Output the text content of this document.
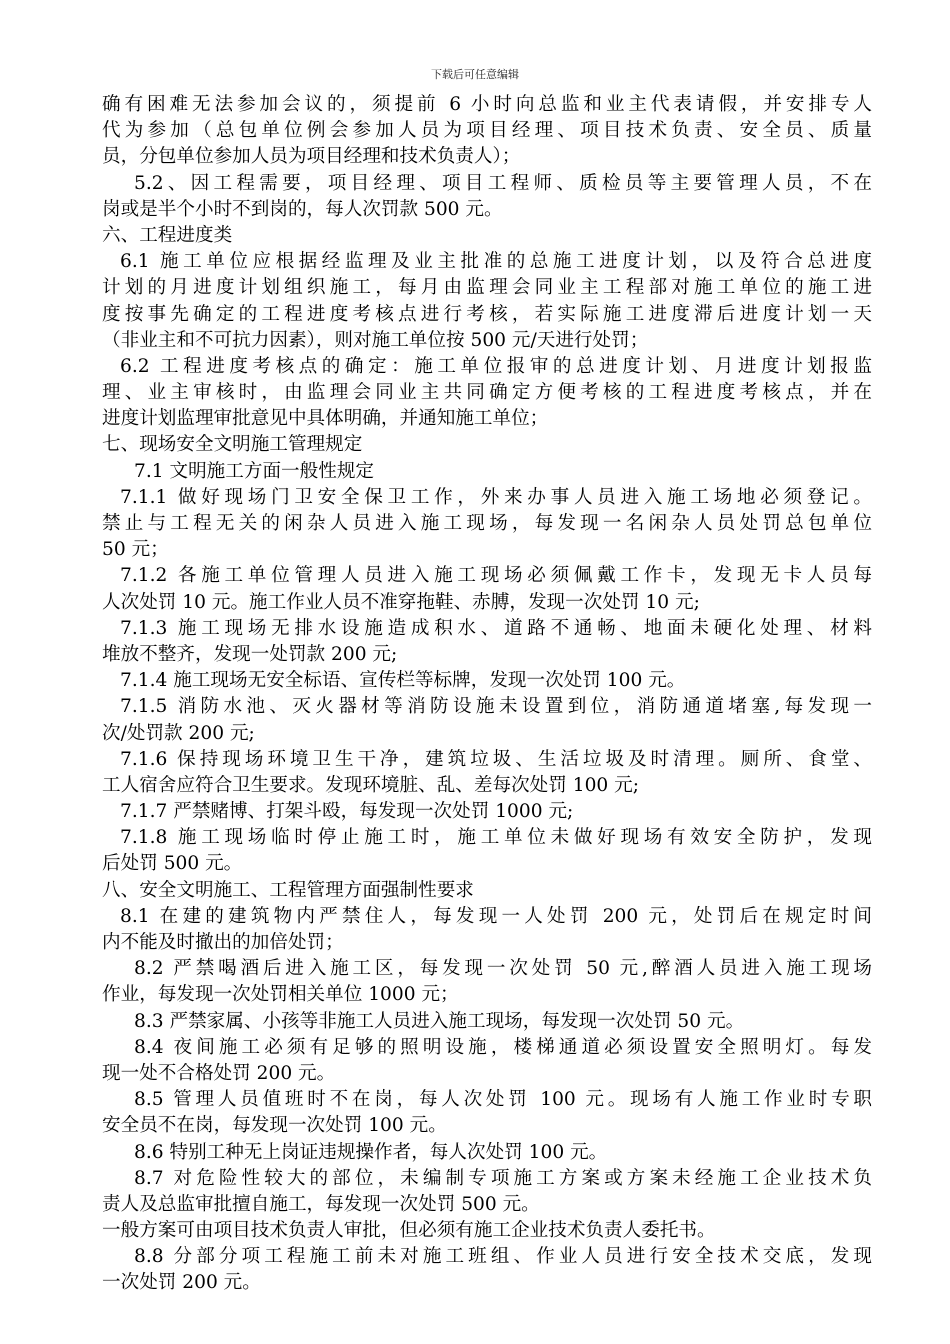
下载后可任意编辑
确有困难无法参加会议的，须提前 6 小时向总监和业主代表请假，并安排专人
代为参加（总包单位例会参加人员为项目经理、项目技术负责、安全员、质量
员，分包单位参加人员为项目经理和技术负责人）；
5.2、因工程需要，项目经理、项目工程师、质检员等主要管理人员，不在
岗或是半个小时不到岗的，每人次罚款 500 元。
六、工程进度类
6.1 施工单位应根据经监理及业主批准的总施工进度计划，以及符合总进度
计划的月进度计划组织施工，每月由监理会同业主工程部对施工单位的施工进
度按事先确定的工程进度考核点进行考核，若实际施工进度滞后进度计划一天
（非业主和不可抗力因素），则对施工单位按 500 元/天进行处罚；
6.2 工程进度考核点的确定：施工单位报审的总进度计划、月进度计划报监
理、业主审核时，由监理会同业主共同确定方便考核的工程进度考核点，并在
进度计划监理审批意见中具体明确，并通知施工单位；
七、现场安全文明施工管理规定
7.1 文明施工方面一般性规定
7.1.1 做好现场门卫安全保卫工作，外来办事人员进入施工场地必须登记。
禁止与工程无关的闲杂人员进入施工现场，每发现一名闲杂人员处罚总包单位
50 元；
7.1.2 各施工单位管理人员进入施工现场必须佩戴工作卡，发现无卡人员每
人次处罚 10 元。施工作业人员不准穿拖鞋、赤膊，发现一次处罚 10 元;
7.1.3 施工现场无排水设施造成积水、道路不通畅、地面未硬化处理、材料
堆放不整齐，发现一处罚款 200 元;
7.1.4 施工现场无安全标语、宣传栏等标牌，发现一次处罚 100 元。
7.1.5 消防水池、灭火器材等消防设施未设置到位，消防通道堵塞,每发现一
次/处罚款 200 元;
7.1.6 保持现场环境卫生干净，建筑垃圾、生活垃圾及时清理。厕所、食堂、
工人宿舍应符合卫生要求。发现环境脏、乱、差每次处罚 100 元;
7.1.7 严禁赌博、打架斗殴，每发现一次处罚 1000 元;
7.1.8 施工现场临时停止施工时，施工单位未做好现场有效安全防护，发现
后处罚 500 元。
八、安全文明施工、工程管理方面强制性要求
8.1 在建的建筑物内严禁住人，每发现一人处罚 200 元，处罚后在规定时间
内不能及时撤出的加倍处罚；
8.2 严禁喝酒后进入施工区，每发现一次处罚 50 元,醉酒人员进入施工现场
作业，每发现一次处罚相关单位 1000 元；
8.3 严禁家属、小孩等非施工人员进入施工现场，每发现一次处罚 50 元。
8.4 夜间施工必须有足够的照明设施，楼梯通道必须设置安全照明灯。每发
现一处不合格处罚 200 元。
8.5 管理人员值班时不在岗，每人次处罚 100 元。现场有人施工作业时专职
安全员不在岗，每发现一次处罚 100 元。
8.6 特别工种无上岗证违规操作者，每人次处罚 100 元。
8.7 对危险性较大的部位，未编制专项施工方案或方案未经施工企业技术负
责人及总监审批擅自施工，每发现一次处罚 500 元。
一般方案可由项目技术负责人审批，但必须有施工企业技术负责人委托书。
8.8 分部分项工程施工前未对施工班组、作业人员进行安全技术交底，发现
一次处罚 200 元。
